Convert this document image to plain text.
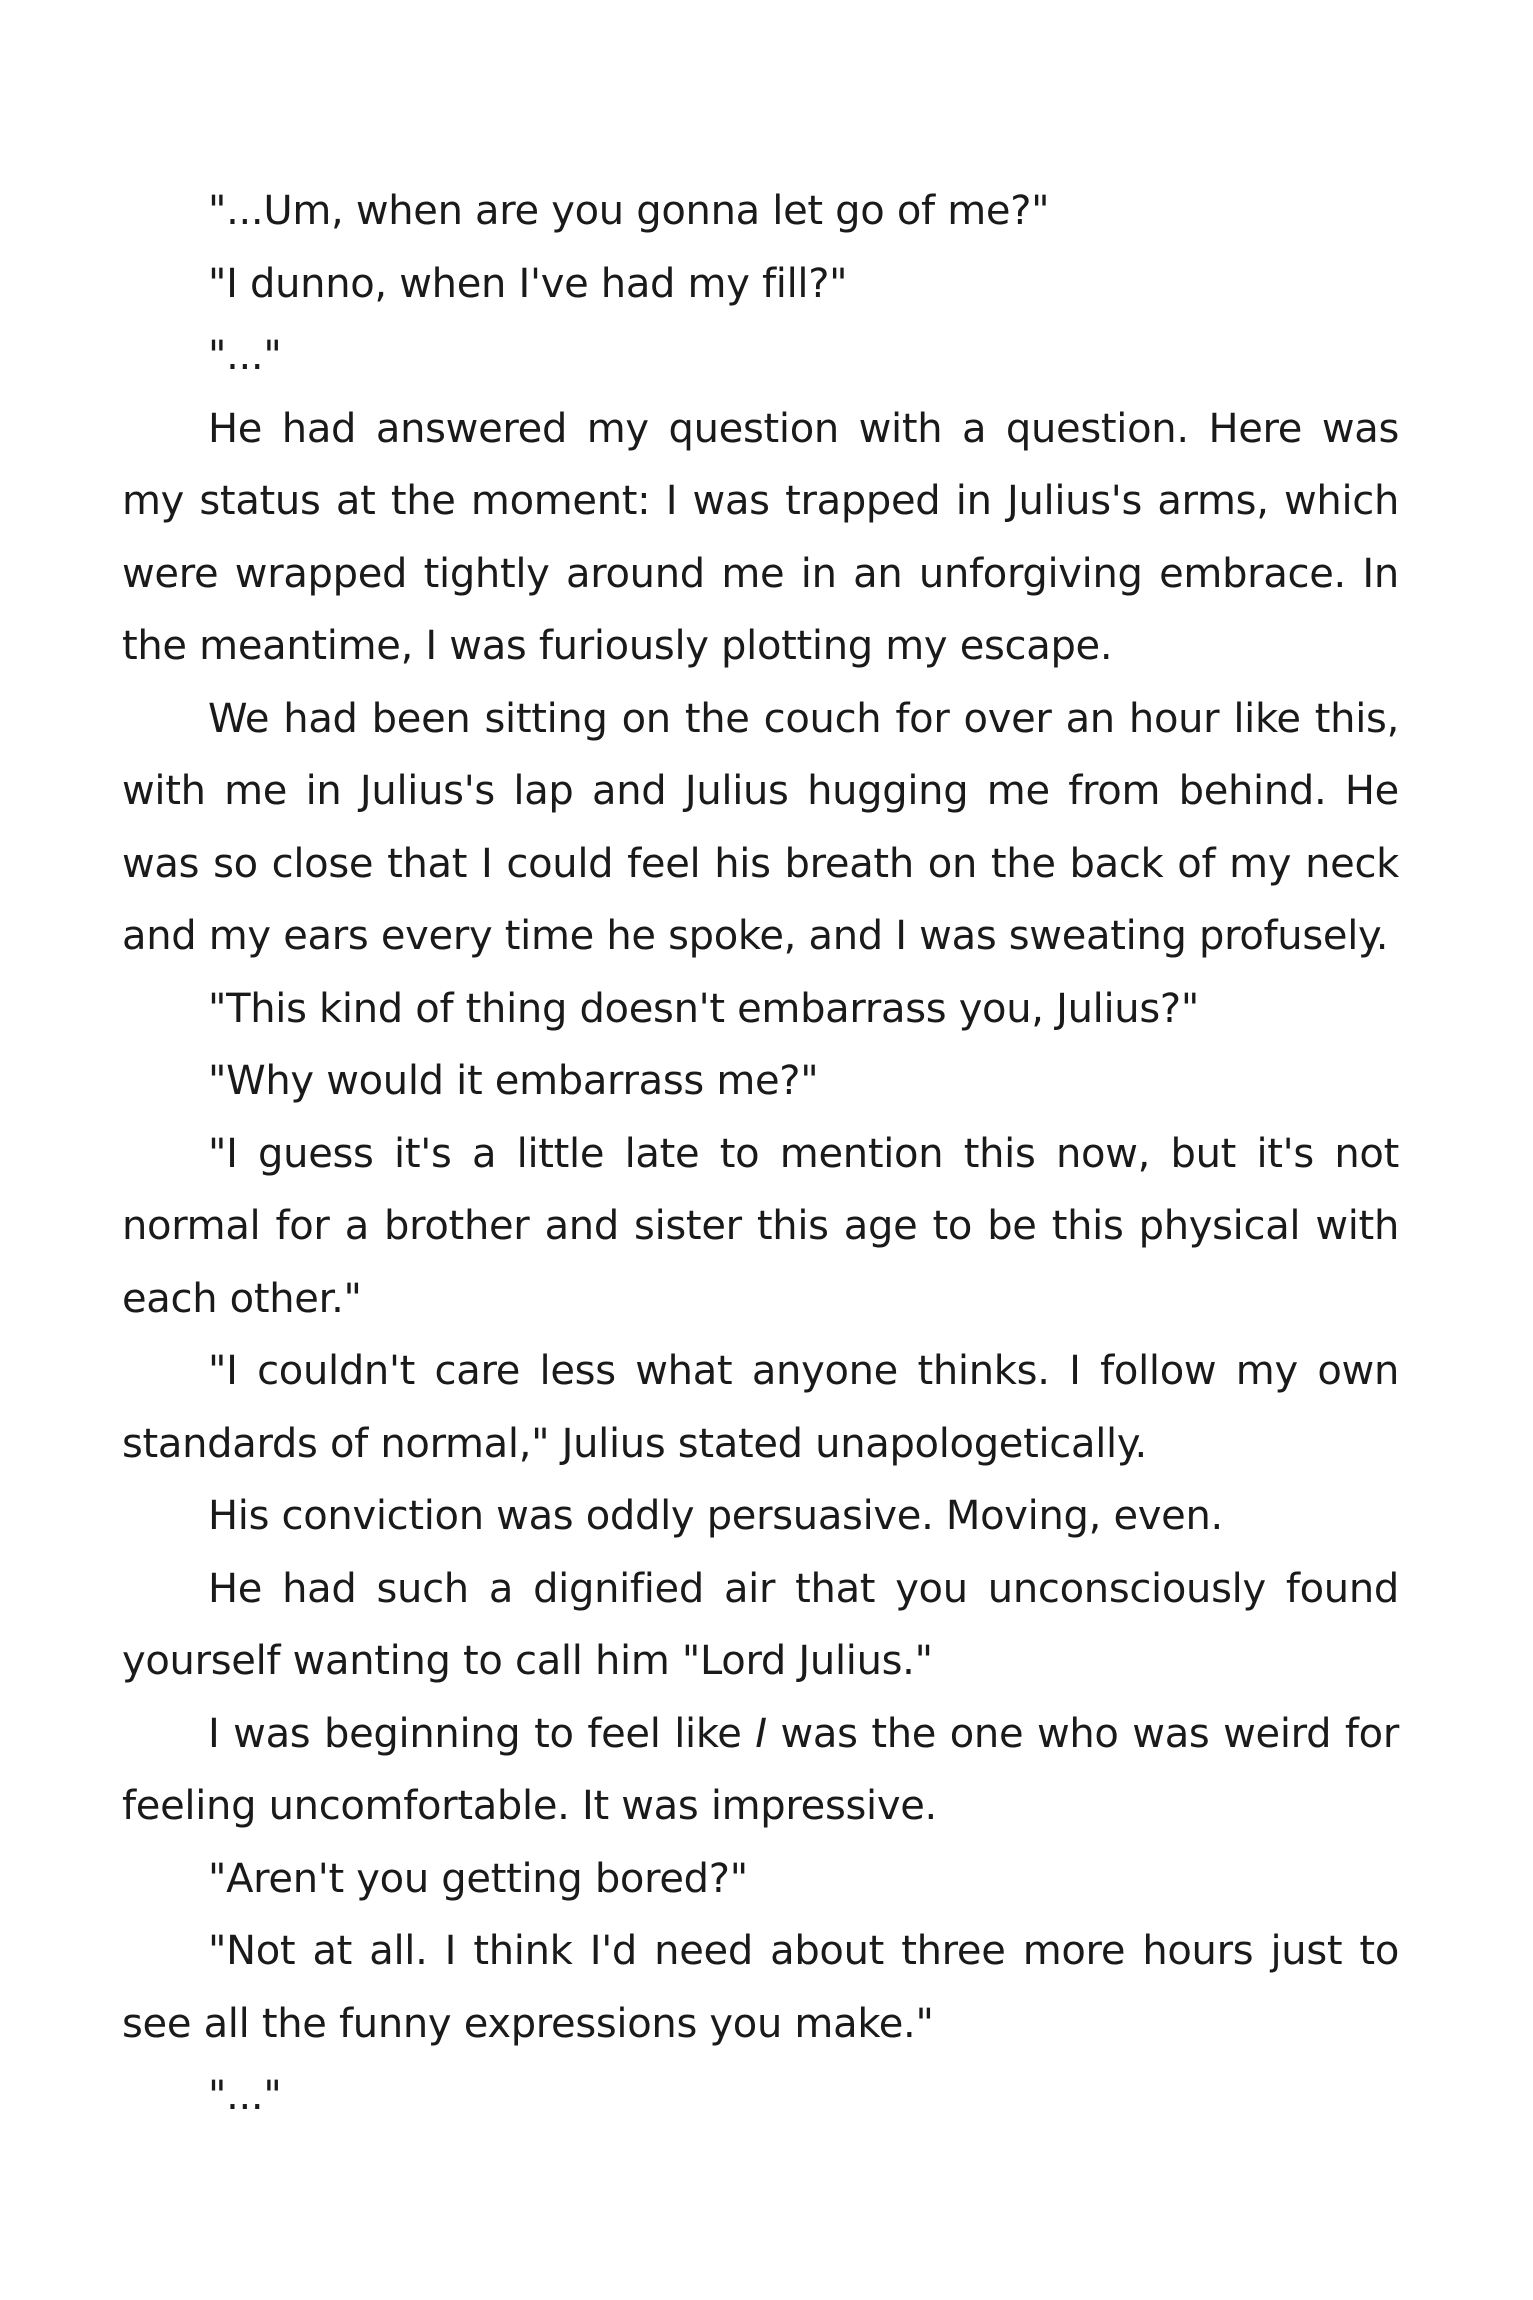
"...Um, when are you gonna let go of me?"

"I dunno, when I've had my fill?"

"..."

He had answered my question with a question. Here was my status at the moment: I was trapped in Julius's arms, which were wrapped tightly around me in an unforgiving embrace. In the meantime, I was furiously plotting my escape.

We had been sitting on the couch for over an hour like this, with me in Julius's lap and Julius hugging me from behind. He was so close that I could feel his breath on the back of my neck and my ears every time he spoke, and I was sweating profusely.

"This kind of thing doesn't embarrass you, Julius?"

"Why would it embarrass me?"

"I guess it's a little late to mention this now, but it's not normal for a brother and sister this age to be this physical with each other."

"I couldn't care less what anyone thinks. I follow my own standards of normal," Julius stated unapologetically.

His conviction was oddly persuasive. Moving, even.

He had such a dignified air that you unconsciously found yourself wanting to call him "Lord Julius."

I was beginning to feel like I was the one who was weird for feeling uncomfortable. It was impressive.

"Aren't you getting bored?"

"Not at all. I think I'd need about three more hours just to see all the funny expressions you make."

"..."
